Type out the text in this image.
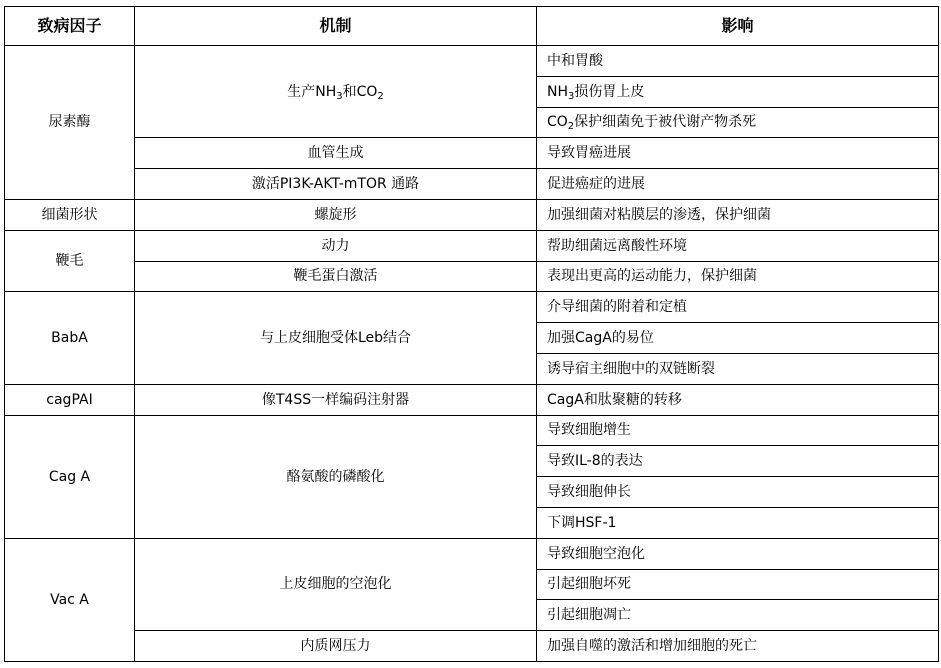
致病因子	机制	影响
尿素酶	生产$NH_3$和$CO_2$	中和胃酸
		$NH_3$损伤胃上皮
		$CO_2$保护细菌免于被代谢产物杀死
	血管生成	导致胃癌进展
	激活PI3K-AKT-mTOR 通路	促进癌症的进展
细菌形状	螺旋形	加强细菌对粘膜层的渗透，保护细菌
鞭毛	动力	帮助细菌远离酸性环境
	鞭毛蛋白激活	表现出更高的运动能力，保护细菌
BabA	与上皮细胞受体Leb结合	介导细菌的附着和定植
		加强CagA的易位
		诱导宿主细胞中的双链断裂
cagPAI	像T4SS一样编码注射器	CagA和肽聚糖的转移
Cag A	酪氨酸的磷酸化	导致细胞增生
		导致IL-8的表达
		导致细胞伸长
		下调HSF-1
Vac A	上皮细胞的空泡化	导致细胞空泡化
		引起细胞坏死
		引起细胞凋亡
	内质网压力	加强自噬的激活和增加细胞的死亡
